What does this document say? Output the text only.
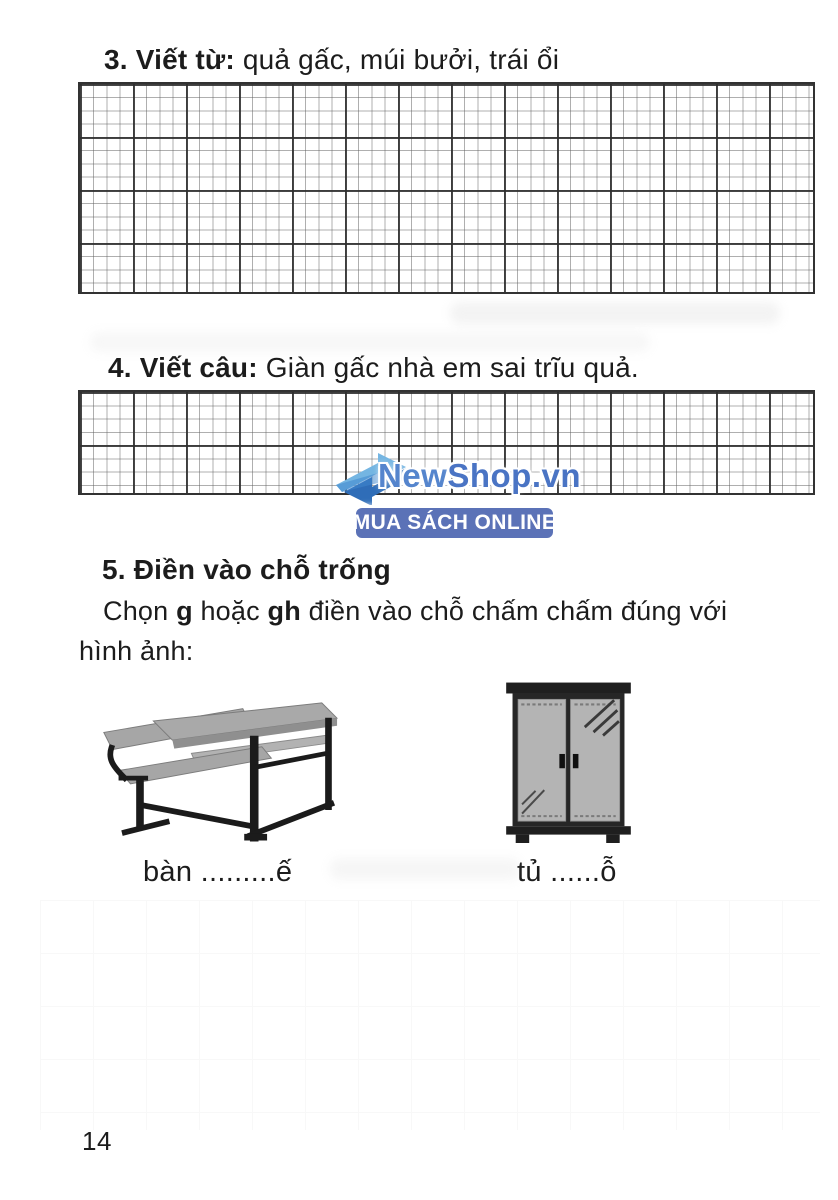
3. Viết từ: quả gấc, múi bưởi, trái ổi
4. Viết câu: Giàn gấc nhà em sai trĩu quả.
NewShop.vn
MUA SÁCH ONLINE
5. Điền vào chỗ trống
Chọn g hoặc gh điền vào chỗ chấm chấm đúng với
hình ảnh:
bàn .........ế	tủ ......ỗ
14
